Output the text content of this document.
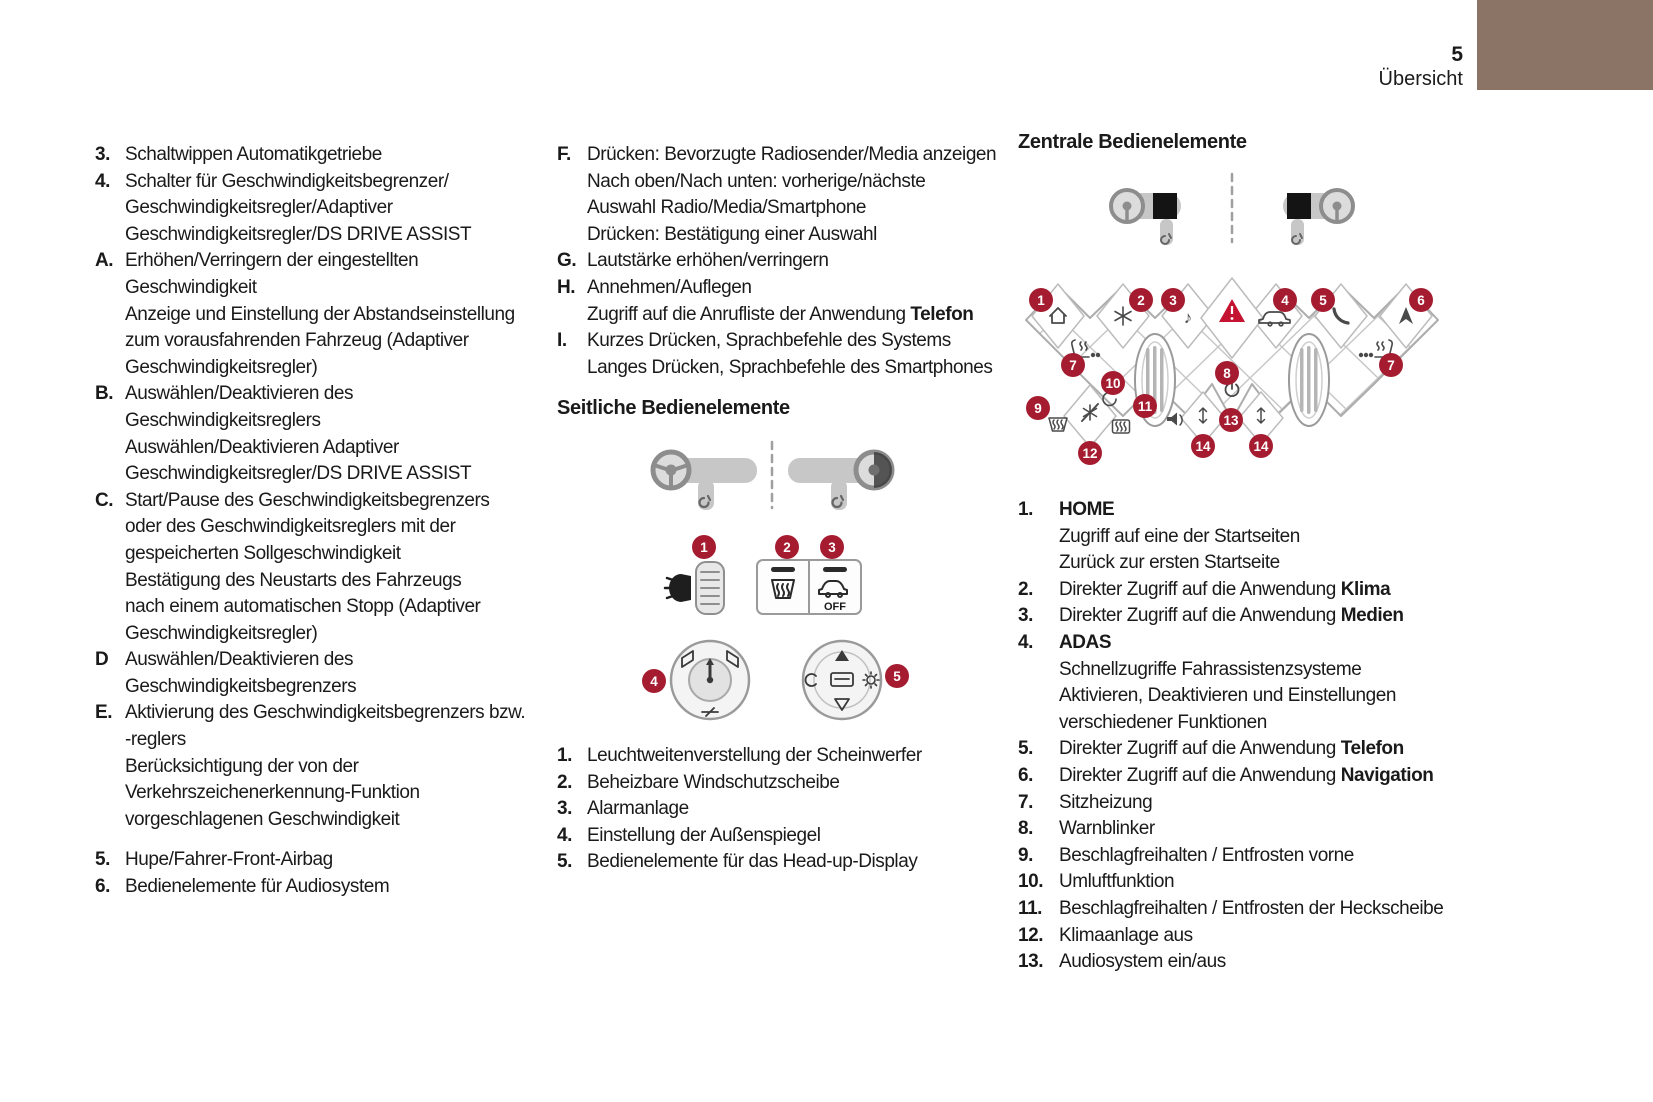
5
Übersicht
3. Schaltwippen Automatikgetriebe
4. Schalter für Geschwindigkeitsbegrenzer/
Geschwindigkeitsregler/Adaptiver
Geschwindigkeitsregler/DS DRIVE ASSIST
A. Erhöhen/Verringern der eingestellten
Geschwindigkeit
Anzeige und Einstellung der Abstandseinstellung
zum vorausfahrenden Fahrzeug (Adaptiver
Geschwindigkeitsregler)
B. Auswählen/Deaktivieren des
Geschwindigkeitsreglers
Auswählen/Deaktivieren Adaptiver
Geschwindigkeitsregler/DS DRIVE ASSIST
C. Start/Pause des Geschwindigkeitsbegrenzers
oder des Geschwindigkeitsreglers mit der
gespeicherten Sollgeschwindigkeit
Bestätigung des Neustarts des Fahrzeugs
nach einem automatischen Stopp (Adaptiver
Geschwindigkeitsregler)
D Auswählen/Deaktivieren des
Geschwindigkeitsbegrenzers
E. Aktivierung des Geschwindigkeitsbegrenzers bzw.
-reglers
Berücksichtigung der von der
Verkehrszeichenerkennung-Funktion
vorgeschlagenen Geschwindigkeit
5. Hupe/Fahrer-Front-Airbag
6. Bedienelemente für Audiosystem
F. Drücken: Bevorzugte Radiosender/Media anzeigen
Nach oben/Nach unten: vorherige/nächste
Auswahl Radio/Media/Smartphone
Drücken: Bestätigung einer Auswahl
G. Lautstärke erhöhen/verringern
H. Annehmen/Auflegen
Zugriff auf die Anrufliste der Anwendung Telefon
I.	Kurzes Drücken, Sprachbefehle des Systems
Langes Drücken, Sprachbefehle des Smartphones
Seitliche Bedienelemente
OFF
1	2	3
4	5
1. Leuchtweitenverstellung der Scheinwerfer
2. Beheizbare Windschutzscheibe
3. Alarmanlage
4. Einstellung der Außenspiegel
5. Bedienelemente für das Head-up-Display
Zentrale Bedienelemente
♪
1	2	3	4	5	6
7	7
8
9
10
11
12
13
14	14
1.	HOME
Zugriff auf eine der Startseiten
Zurück zur ersten Startseite
2.	Direkter Zugriff auf die Anwendung Klima
3.	Direkter Zugriff auf die Anwendung Medien
4.	ADAS
Schnellzugriffe Fahrassistenzsysteme
Aktivieren, Deaktivieren und Einstellungen
verschiedener Funktionen
5.	Direkter Zugriff auf die Anwendung Telefon
6.	Direkter Zugriff auf die Anwendung Navigation
7.	Sitzheizung
8.	Warnblinker
9.	Beschlagfreihalten / Entfrosten vorne
10. Umluftfunktion
11. Beschlagfreihalten / Entfrosten der Heckscheibe
12. Klimaanlage aus
13. Audiosystem ein/aus
